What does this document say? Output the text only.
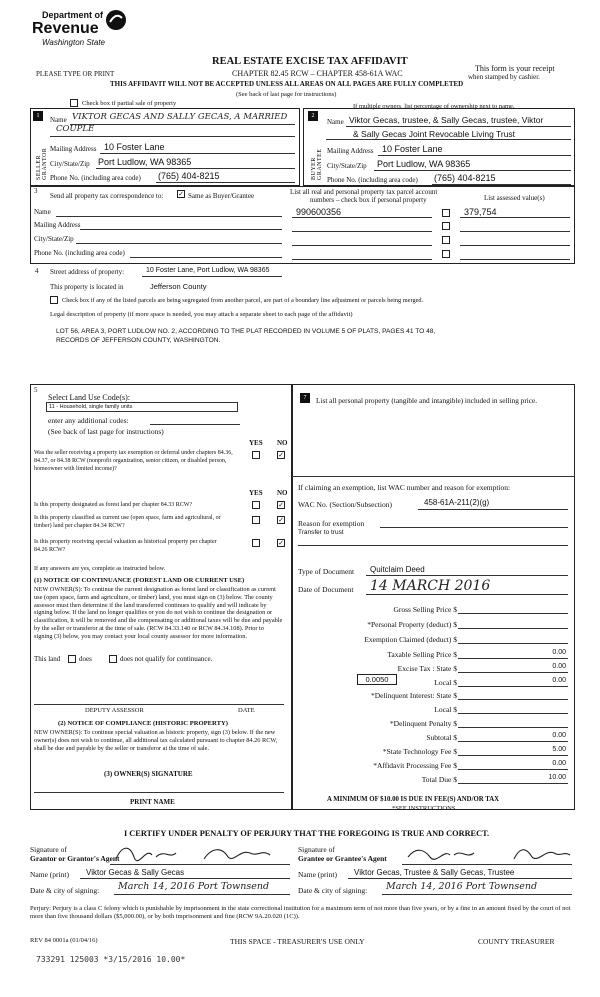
Department of
Revenue
Washington State
PLEASE TYPE OR PRINT
REAL ESTATE EXCISE TAX AFFIDAVIT
CHAPTER 82.45 RCW – CHAPTER 458-61A WAC
THIS AFFIDAVIT WILL NOT BE ACCEPTED UNLESS ALL AREAS ON ALL PAGES ARE FULLY COMPLETED
This form is your receipt
when stamped by cashier.
(See back of last page for instructions)
Check box if partial sale of property	If multiple owners, list percentage of ownership next to name.
1	2
SELLER GRANTOR	BUYER GRANTEE
Name VIKTOR GECAS AND SALLY GECAS, A MARRIED
COUPLE
Mailing Address 10 Foster Lane
City/State/Zip Port Ludlow, WA 98365
Phone No. (including area code) (765) 404-8215
Name Viktor Gecas, trustee, & Sally Gecas, trustee, Viktor
& Sally Gecas Joint Revocable Living Trust
Mailing Address 10 Foster Lane
City/State/Zip Port Ludlow, WA 98365
Phone No. (including area code) (765) 404-8215
3
Send all property tax correspondence to: ✓ Same as Buyer/Grantee	List all real and personal property tax parcel account
numbers – check box if personal property	List assessed value(s)
Name
Mailing Address
City/State/Zip
Phone No. (including area code)
990600356	379,754
4 Street address of property:	10 Foster Lane, Port Ludlow, WA 98365
This property is located in	Jefferson County
Check box if any of the listed parcels are being segregated from another parcel, are part of a boundary line adjustment or parcels being merged.
Legal description of property (if more space is needed, you may attach a separate sheet to each page of the affidavit)
LOT 56, AREA 3, PORT LUDLOW NO. 2, ACCORDING TO THE PLAT RECORDED IN VOLUME 5 OF PLATS, PAGES 41 TO 48,
RECORDS OF JEFFERSON COUNTY, WASHINGTON.
5
Select Land Use Code(s):
11 - Household, single family units
enter any additional codes:
(See back of last page for instructions)
YES NO
Was the seller receiving a property tax exemption or deferral under chapters 84.36, 84.37, or 84.38 RCW (nonprofit organization, senior citizen, or disabled person, homeowner with limited income)?
✓
YES NO
Is this property designated as forest land per chapter 84.33 RCW?	✓
Is this property classified as current use (open space, farm and agricultural, or timber) land per chapter 84.34 RCW?
✓
Is this property receiving special valuation as historical property per chapter 84.26 RCW?
✓
If any answers are yes, complete as instructed below.
(1) NOTICE OF CONTINUANCE (FOREST LAND OR CURRENT USE)
NEW OWNER(S): To continue the current designation as forest land or classification as current use (open space, farm and agriculture, or timber) land, you must sign on (3) below. The county assessor must then determine if the land transferred continues to qualify and will indicate by signing below. If the land no longer qualifies or you do not wish to continue the designation or classification, it will be removed and the compensating or additional taxes will be due and payable by the seller or transferor at the time of sale. (RCW 84.33.140 or RCW 84.34.108). Prior to signing (3) below, you may contact your local county assessor for more information.
This land	does	does not qualify for continuance.
DEPUTY ASSESSOR	DATE
(2) NOTICE OF COMPLIANCE (HISTORIC PROPERTY)
NEW OWNER(S): To continue special valuation as historic property, sign (3) below. If the new owner(s) does not wish to continue, all additional tax calculated pursuant to chapter 84.26 RCW, shall be due and payable by the seller or transferor at the time of sale.
(3) OWNER(S) SIGNATURE
PRINT NAME
7	List all personal property (tangible and intangible) included in selling price.
If claiming an exemption, list WAC number and reason for exemption:
WAC No. (Section/Subsection)	458-61A-211(2)(g)
Reason for exemption
Transfer to trust
Type of Document Quitclaim Deed
Date of Document 14 MARCH 2016
Gross Selling Price $
*Personal Property (deduct) $
Exemption Claimed (deduct) $
Taxable Selling Price $	0.00
Excise Tax : State $	0.00
0.0050	Local $	0.00
*Delinquent Interest: State $
Local $
*Delinquent Penalty $
Subtotal $	0.00
*State Technology Fee $	5.00
*Affidavit Processing Fee $	0.00
Total Due $	10.00
A MINIMUM OF $10.00 IS DUE IN FEE(S) AND/OR TAX
*SEE INSTRUCTIONS
I CERTIFY UNDER PENALTY OF PERJURY THAT THE FOREGOING IS TRUE AND CORRECT.
Signature of
Grantor or Grantor's Agent
Name (print) Viktor Gecas & Sally Gecas
Date & city of signing: March 14, 2016 Port Townsend
Signature of
Grantee or Grantee's Agent
Name (print) Viktor Gecas, Trustee & Sally Gecas, Trustee
Date & city of signing: March 14, 2016 Port Townsend
Perjury: Perjury is a class C felony which is punishable by imprisonment in the state correctional institution for a maximum term of not more than five years, or by a fine in an amount fixed by the court of not more than five thousand dollars ($5,000.00), or by both imprisonment and fine (RCW 9A.20.020 (1C)).
REV 84 0001a (01/04/16)	THIS SPACE - TREASURER'S USE ONLY	COUNTY TREASURER
733291 125003 *3/15/2016 10.00*
